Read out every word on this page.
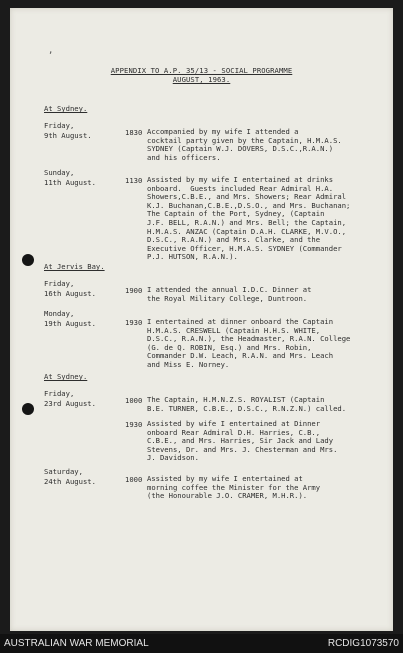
,
APPENDIX TO A.P. 35/13 - SOCIAL PROGRAMME
AUGUST, 1963.
At Sydney.
Friday,
9th August.	1830 Accompanied by my wife I attended a

cocktail party given by the Captain, H.M.A.S.

SYDNEY (Captain W.J. DOVERS, D.S.C.,R.A.N.)

and his officers.

Sunday,
11th August.	1130 Assisted by my wife I entertained at drinks

onboard.  Guests included Rear Admiral H.A.

Showers,C.B.E., and Mrs. Showers; Rear Admiral

K.J. Buchanan,C.B.E.,D.S.O., and Mrs. Buchanan;

The Captain of the Port, Sydney, (Captain

J.F. BELL, R.A.N.) and Mrs. Bell; the Captain,

H.M.A.S. ANZAC (Captain D.A.H. CLARKE, M.V.O.,

D.S.C., R.A.N.) and Mrs. Clarke, and the

Executive Officer, H.M.A.S. SYDNEY (Commander

P.J. HUTSON, R.A.N.).

At Jervis Bay.
Friday,
16th August.	1900 I attended the annual I.D.C. Dinner at

the Royal Military College, Duntroon.

Monday,
19th August.	1930 I entertained at dinner onboard the Captain

H.M.A.S. CRESWELL (Captain H.H.S. WHITE,

D.S.C., R.A.N.), the Headmaster, R.A.N. College

(G. de Q. ROBIN, Esq.) and Mrs. Robin,

Commander D.W. Leach, R.A.N. and Mrs. Leach

and Miss E. Norney.

At Sydney.
Friday,
23rd August.	1000 The Captain, H.M.N.Z.S. ROYALIST (Captain

B.E. TURNER, C.B.E., D.S.C., R.N.Z.N.) called.

1930 Assisted by wife I entertained at Dinner

onboard Rear Admiral D.H. Harries, C.B.,

C.B.E., and Mrs. Harries, Sir Jack and Lady

Stevens, Dr. and Mrs. J. Chesterman and Mrs.

J. Davidson.

Saturday,
24th August.	1000 Assisted by my wife I entertained at

morning coffee the Minister for the Army

(the Honourable J.O. CRAMER, M.H.R.).

AUSTRALIAN WAR MEMORIAL	RCDIG1073570
